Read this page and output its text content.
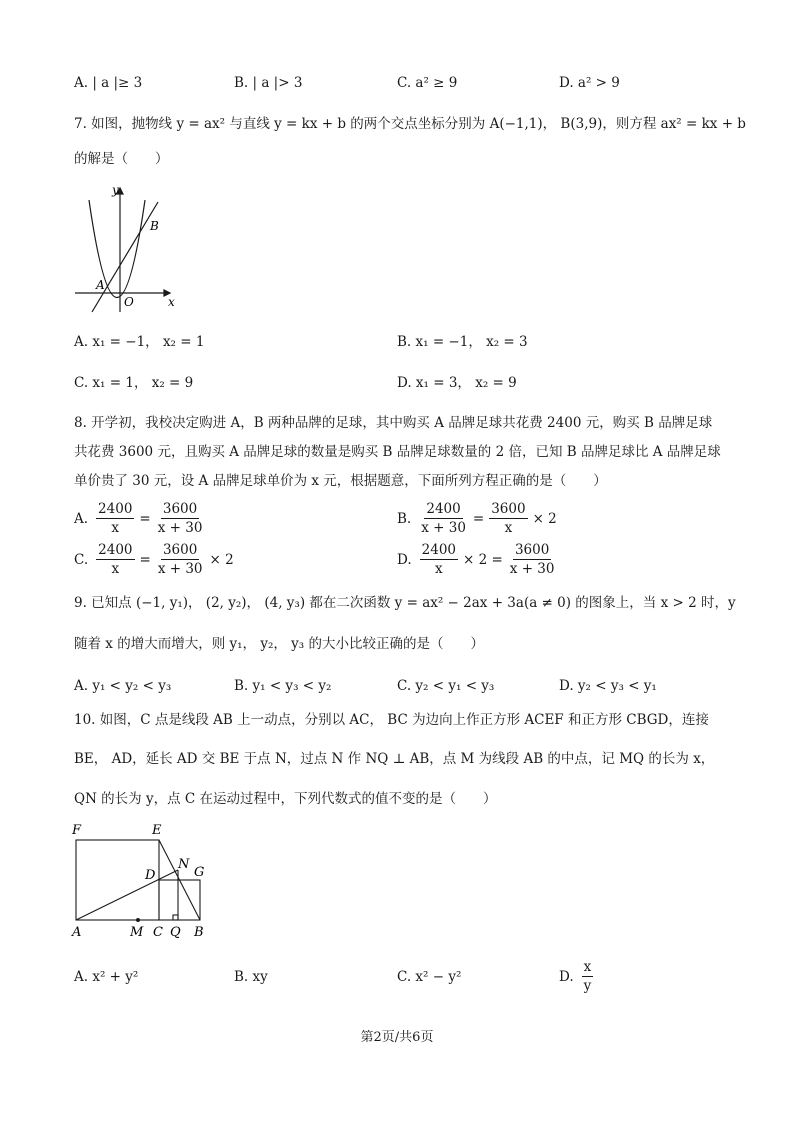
A. | a |≥ 3	B. | a |> 3	C. a² ≥ 9	D. a² > 9
7. 如图，抛物线 y = ax² 与直线 y = kx + b 的两个交点坐标分别为 A(−1,1)， B(3,9)，则方程 ax² = kx + b
的解是（　　）
y
x
O
A
B
A. x₁ = −1， x₂ = 1	B. x₁ = −1， x₂ = 3
C. x₁ = 1， x₂ = 9	D. x₁ = 3， x₂ = 9
8. 开学初，我校决定购进 A，B 两种品牌的足球，其中购买 A 品牌足球共花费 2400 元，购买 B 品牌足球
共花费 3600 元，且购买 A 品牌足球的数量是购买 B 品牌足球数量的 2 倍，已知 B 品牌足球比 A 品牌足球
单价贵了 30 元，设 A 品牌足球单价为 x 元，根据题意，下面所列方程正确的是（　　）
A. $\frac{2400}{x} = \frac{3600}{x + 30}$	B. $\frac{2400}{x + 30} = \frac{3600}{x} \times 2$
C. $\frac{2400}{x} = \frac{3600}{x + 30} \times 2$	D. $\frac{2400}{x} \times 2 = \frac{3600}{x + 30}$
9. 已知点 (−1, y₁)， (2, y₂)， (4, y₃) 都在二次函数 y = ax² − 2ax + 3a(a ≠ 0) 的图象上，当 x > 2 时，y
随着 x 的增大而增大，则 y₁， y₂， y₃ 的大小比较正确的是（　　）
A. y₁ < y₂ < y₃	B. y₁ < y₃ < y₂	C. y₂ < y₁ < y₃	D. y₂ < y₃ < y₁
10. 如图，C 点是线段 AB 上一动点，分别以 AC， BC 为边向上作正方形 ACEF 和正方形 CBGD，连接
BE， AD，延长 AD 交 BE 于点 N，过点 N 作 NQ ⊥ AB，点 M 为线段 AB 的中点，记 MQ 的长为 x，
QN 的长为 y，点 C 在运动过程中，下列代数式的值不变的是（　　）
F	E
D
N
G
A	M C Q B
A. x² + y²	B. xy	C. x² − y²	D. $\frac{x}{y}$
第2页/共6页
